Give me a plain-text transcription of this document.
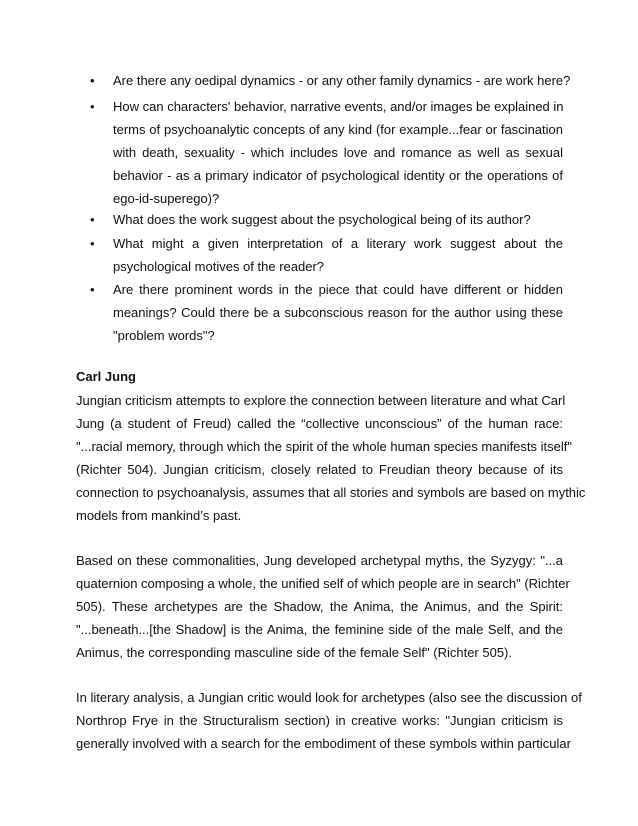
• Are there any oedipal dynamics - or any other family dynamics - are work here?
• How can characters' behavior, narrative events, and/or images be explained in
terms of psychoanalytic concepts of any kind (for example...fear or fascination
with death, sexuality - which includes love and romance as well as sexual
behavior - as a primary indicator of psychological identity or the operations of
ego-id-superego)?
• What does the work suggest about the psychological being of its author?
• What might a given interpretation of a literary work suggest about the
psychological motives of the reader?
• Are there prominent words in the piece that could have different or hidden
meanings? Could there be a subconscious reason for the author using these
"problem words"?
Carl Jung
Jungian criticism attempts to explore the connection between literature and what Carl
Jung (a student of Freud) called the “collective unconscious” of the human race:
"...racial memory, through which the spirit of the whole human species manifests itself"
(Richter 504). Jungian criticism, closely related to Freudian theory because of its
connection to psychoanalysis, assumes that all stories and symbols are based on mythic
models from mankind’s past.
Based on these commonalities, Jung developed archetypal myths, the Syzygy: "...a
quaternion composing a whole, the unified self of which people are in search" (Richter
505). These archetypes are the Shadow, the Anima, the Animus, and the Spirit:
"...beneath...[the Shadow] is the Anima, the feminine side of the male Self, and the
Animus, the corresponding masculine side of the female Self" (Richter 505).
In literary analysis, a Jungian critic would look for archetypes (also see the discussion of
Northrop Frye in the Structuralism section) in creative works: "Jungian criticism is
generally involved with a search for the embodiment of these symbols within particular
